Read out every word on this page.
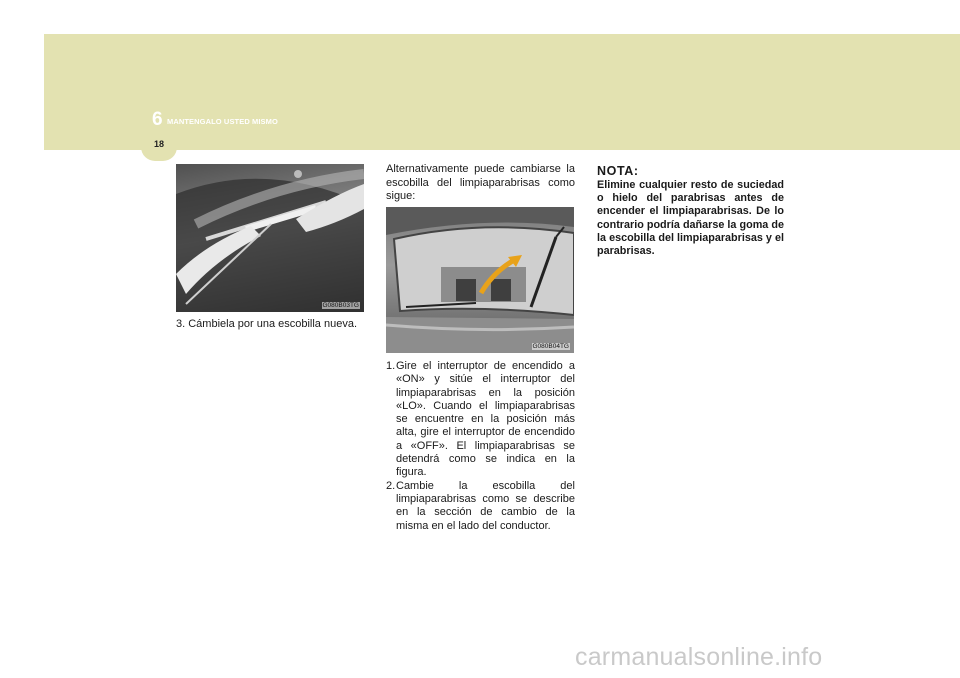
6 MANTENGALO USTED MISMO
18
G080B03TG
3. Cámbiela por una escobilla nueva.
Alternativamente puede cambiarse la escobilla del limpiaparabrisas como sigue:
G080B04TG
1. Gire el interruptor de encendido a «ON» y sitúe el interruptor del limpiaparabrisas en la posición «LO». Cuando el limpiaparabrisas se encuentre en la posición más alta, gire el interruptor de encendido a «OFF». El limpiaparabrisas se detendrá como se indica en la figura.
2. Cambie la escobilla del limpiaparabrisas como se describe en la sección de cambio de la misma en el lado del conductor.
NOTA:
Elimine cualquier resto de suciedad o hielo del parabrisas antes de encender el limpiaparabrisas. De lo contrario podría dañarse la goma de la escobilla del limpiaparabrisas y el parabrisas.
carmanualsonline.info
